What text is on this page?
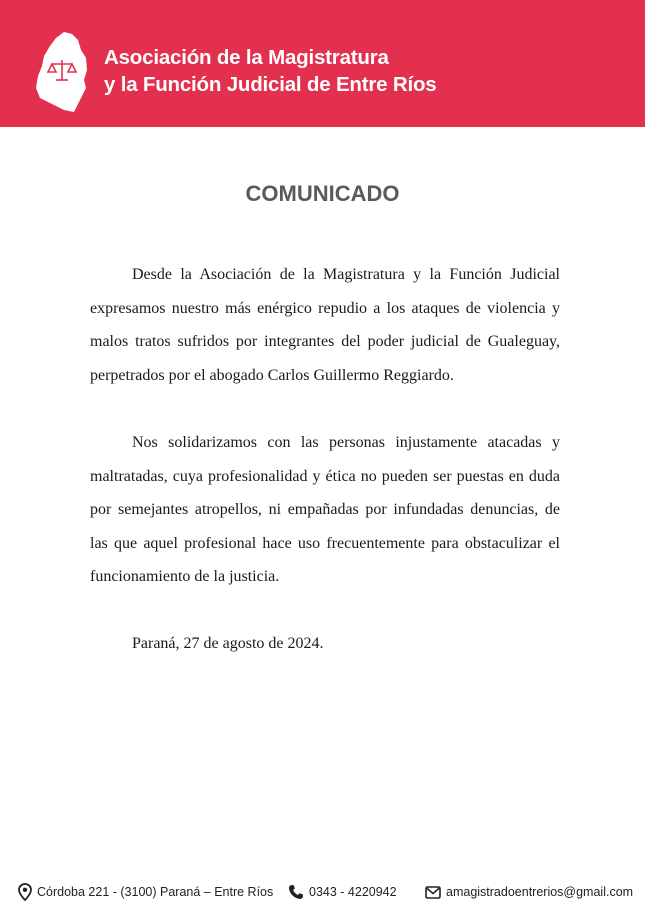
Asociación de la Magistratura
y la Función Judicial de Entre Ríos
COMUNICADO

Desde la Asociación de la Magistratura y la Función Judicial expresamos nuestro más enérgico repudio a los ataques de violencia y malos tratos sufridos por integrantes del poder judicial de Gualeguay, perpetrados por el abogado Carlos Guillermo Reggiardo.

Nos solidarizamos con las personas injustamente atacadas y maltratadas, cuya profesionalidad y ética no pueden ser puestas en duda por semejantes atropellos, ni empañadas por infundadas denuncias, de las que aquel profesional hace uso frecuentemente para obstaculizar el funcionamiento de la justicia.

Paraná, 27 de agosto de 2024.

Córdoba 221 - (3100) Paraná – Entre Ríos	0343 - 4220942	amagistradoentrerios@gmail.com
